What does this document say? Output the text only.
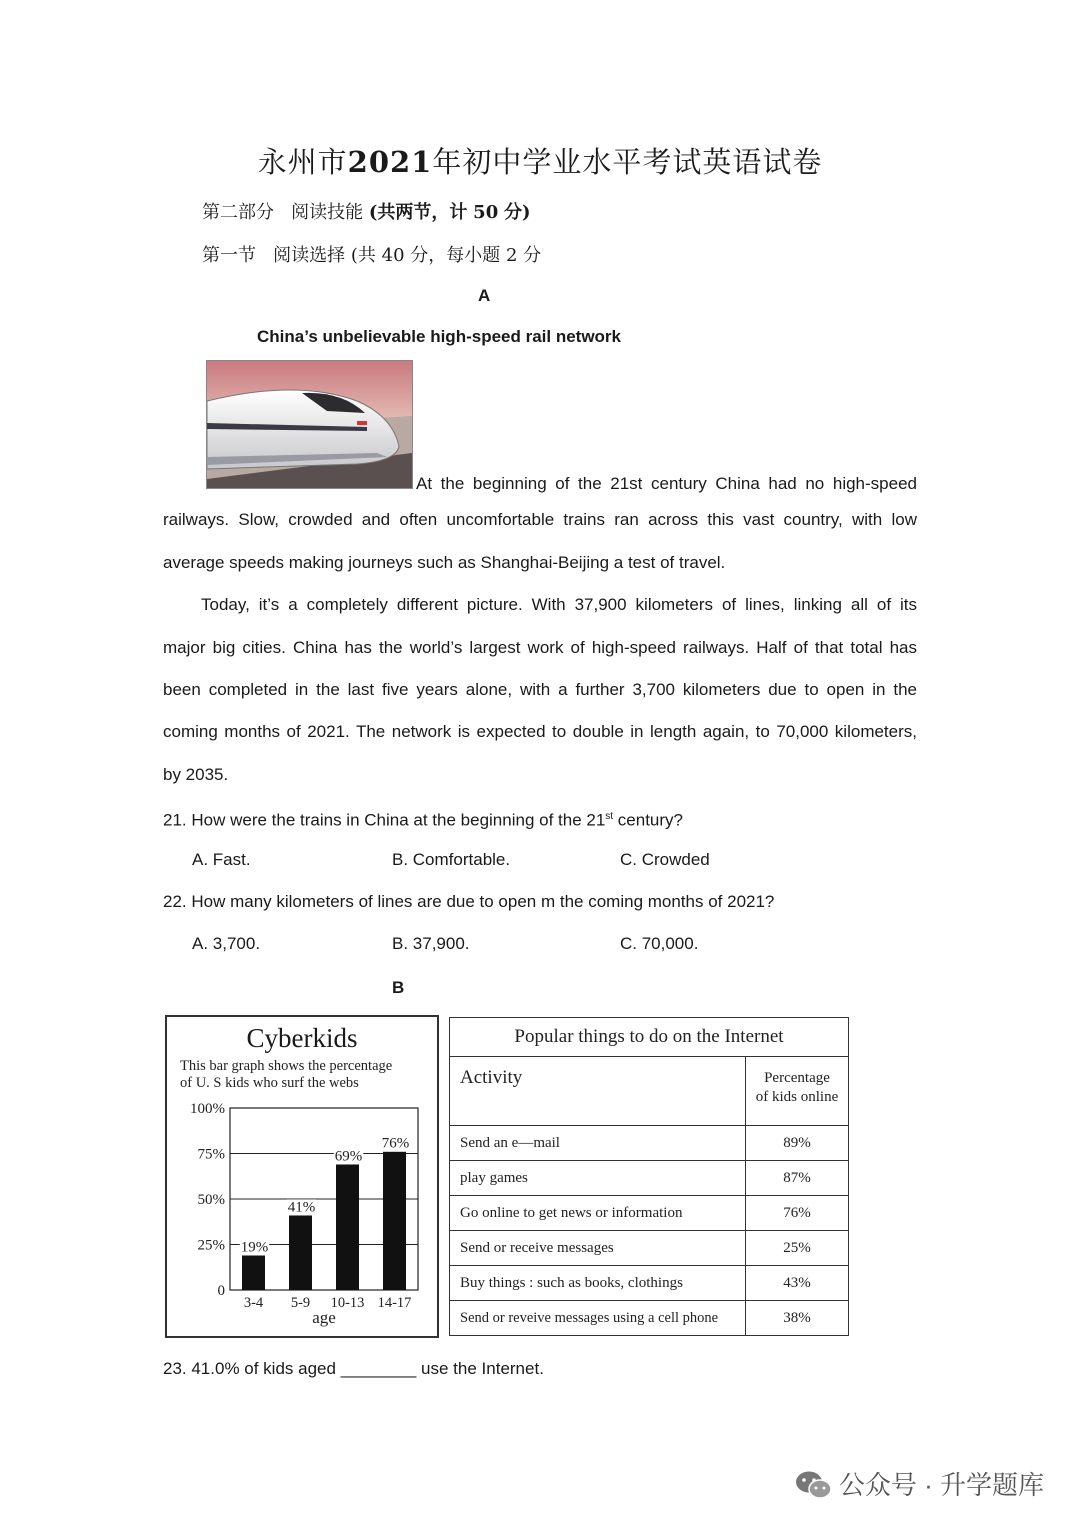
永州市2021年初中学业水平考试英语试卷
第二部分 阅读技能 (共两节，计 50 分)
第一节 阅读选择 (共 40 分，每小题 2 分
A
China’s unbelievable high-speed rail network
At the beginning of the 21st century China had no high-speed
railways. Slow, crowded and often uncomfortable trains ran across this vast country, with low
average speeds making journeys such as Shanghai-Beijing a test of travel.
Today, it’s a completely different picture. With 37,900 kilometers of lines, linking all of its
major big cities. China has the world’s largest work of high-speed railways. Half of that total has
been completed in the last five years alone, with a further 3,700 kilometers due to open in the
coming months of 2021. The network is expected to double in length again, to 70,000 kilometers,
by 2035.
21. How were the trains in China at the beginning of the 21st century?
A. Fast.	B. Comfortable.	C. Crowded
22. How many kilometers of lines are due to open m the coming months of 2021?
A. 3,700.	B. 37,900.	C. 70,000.
B
Cyberkids
This bar graph shows the percentage
of U. S kids who surf the webs
0
25%
50%
75%
100%
19%
41%
69%
76%
3-4 5-9 10-13 14-17
age
Popular things to do on the Internet	
Activity	Percentage
of kids online

Send an e—mail	89%
play games	87%
Go online to get news or information	76%
Send or receive messages	25%
Buy things : such as books, clothings	43%
Send or reveive messages using a cell phone	38%
23. 41.0% of kids aged ________ use the Internet.
公众号 · 升学题库
